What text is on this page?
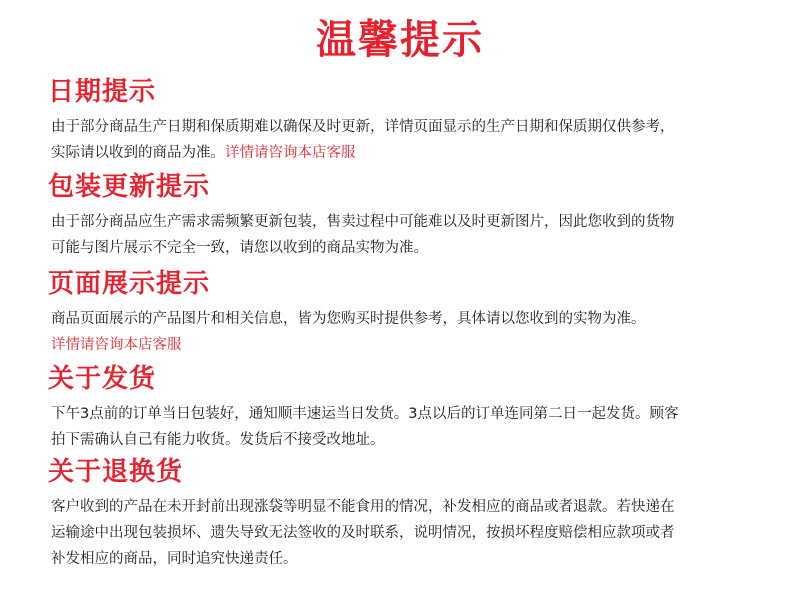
温馨提示
日期提示

由于部分商品生产日期和保质期难以确保及时更新，详情页面显示的生产日期和保质期仅供参考，
实际请以收到的商品为准。详情请咨询本店客服

包装更新提示

由于部分商品应生产需求需频繁更新包装，售卖过程中可能难以及时更新图片，因此您收到的货物
可能与图片展示不完全一致，请您以收到的商品实物为准。

页面展示提示

商品页面展示的产品图片和相关信息，皆为您购买时提供参考，具体请以您收到的实物为准。
详情请咨询本店客服

关于发货

下午3点前的订单当日包装好，通知顺丰速运当日发货。3点以后的订单连同第二日一起发货。顾客
拍下需确认自己有能力收货。发货后不接受改地址。

关于退换货

客户收到的产品在未开封前出现涨袋等明显不能食用的情况，补发相应的商品或者退款。若快递在
运输途中出现包装损坏、遗失导致无法签收的及时联系，说明情况，按损坏程度赔偿相应款项或者
补发相应的商品，同时追究快递责任。
